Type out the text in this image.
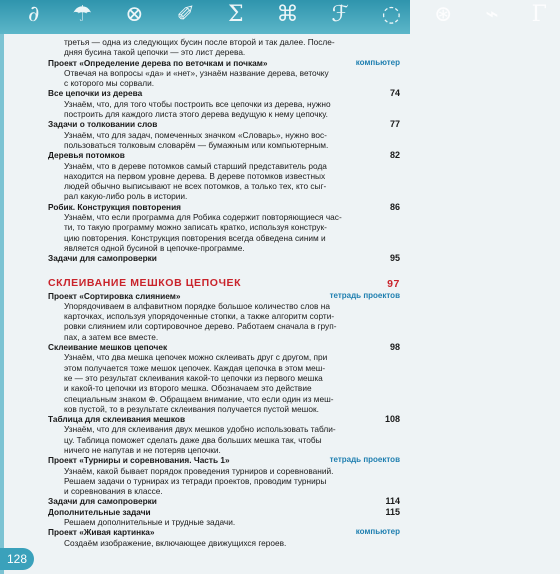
∂ ☂ ⊗ ✐ Σ ⌘ ℱ ◌ ⊛ ⌁ Γ
третья — одна из следующих бусин после второй и так далее. После-
дняя бусина такой цепочки — это лист дерева.
Проект «Определение дерева по веточкам и почкам»	компьютер
Отвечая на вопросы «да» и «нет», узнаём название дерева, веточку
с которого мы сорвали.
Все цепочки из дерева	74
Узнаём, что, для того чтобы построить все цепочки из дерева, нужно
построить для каждого листа этого дерева ведущую к нему цепочку.
Задачи о толковании слов	77
Узнаём, что для задач, помеченных значком «Словарь», нужно вос-
пользоваться толковым словарём — бумажным или компьютерным.
Деревья потомков	82
Узнаём, что в дереве потомков самый старший представитель рода
находится на первом уровне дерева. В дереве потомков известных
людей обычно выписывают не всех потомков, а только тех, кто сыг-
рал какую-либо роль в истории.
Робик. Конструкция повторения	86
Узнаём, что если программа для Робика содержит повторяющиеся час-
ти, то такую программу можно записать кратко, используя конструк-
цию повторения. Конструкция повторения всегда обведена синим и
является одной бусиной в цепочке-программе.
Задачи для самопроверки	95
СКЛЕИВАНИЕ МЕШКОВ ЦЕПОЧЕК	97
Проект «Сортировка слиянием»	тетрадь проектов
Упорядочиваем в алфавитном порядке большое количество слов на
карточках, используя упорядоченные стопки, а также алгоритм сорти-
ровки слиянием или сортировочное дерево. Работаем сначала в груп-
пах, а затем все вместе.
Склеивание мешков цепочек	98
Узнаём, что два мешка цепочек можно склеивать друг с другом, при
этом получается тоже мешок цепочек. Каждая цепочка в этом меш-
ке — это результат склеивания какой-то цепочки из первого мешка
и какой-то цепочки из второго мешка. Обозначаем это действие
специальным знаком ⊕. Обращаем внимание, что если один из меш-
ков пустой, то в результате склеивания получается пустой мешок.
Таблица для склеивания мешков	108
Узнаём, что для склеивания двух мешков удобно использовать табли-
цу. Таблица поможет сделать даже два больших мешка так, чтобы
ничего не напутав и не потеряв цепочки.
Проект «Турниры и соревнования. Часть 1»	тетрадь проектов
Узнаём, какой бывает порядок проведения турниров и соревнований.
Решаем задачи о турнирах из тетради проектов, проводим турниры
и соревнования в классе.
Задачи для самопроверки	114
Дополнительные задачи	115
Решаем дополнительные и трудные задачи.
Проект «Живая картинка»	компьютер
Создаём изображение, включающее движущихся героев.
128
